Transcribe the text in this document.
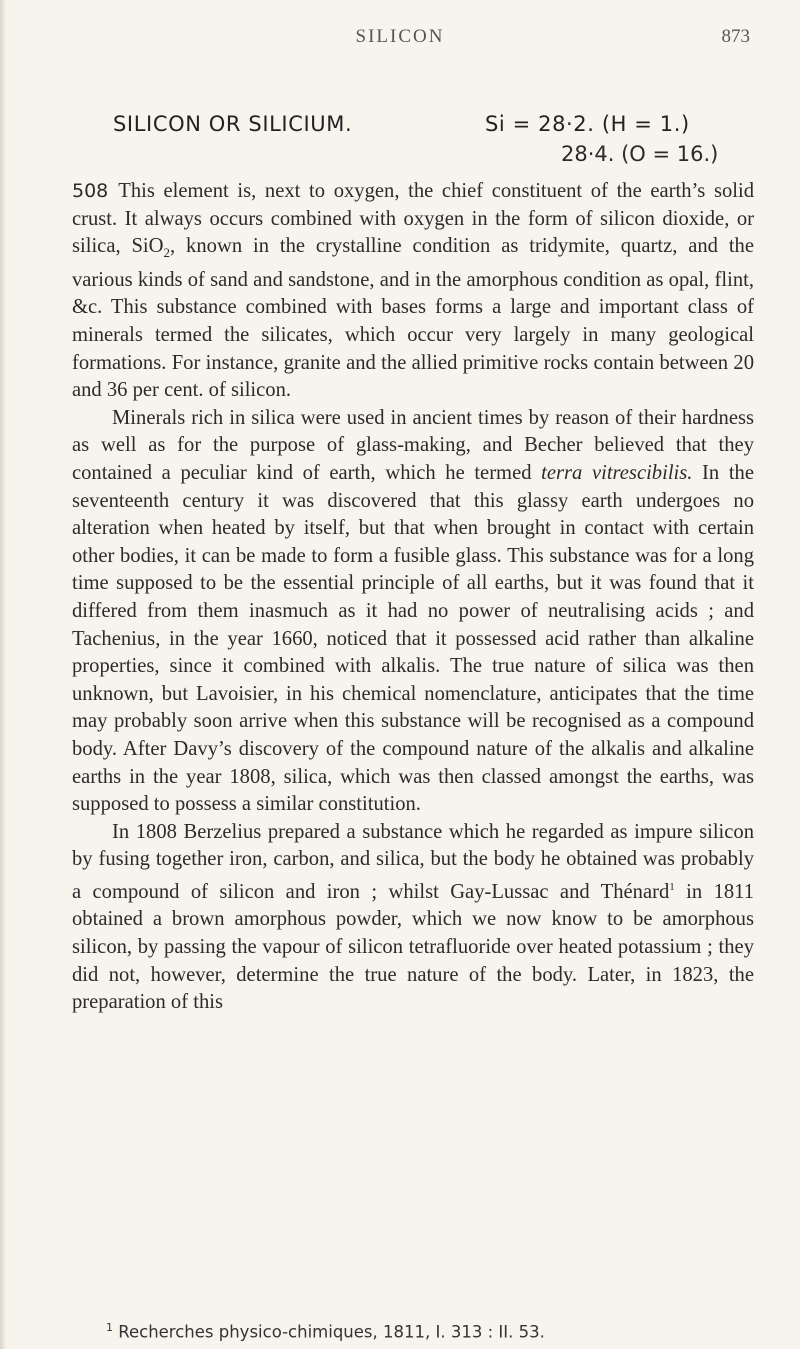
SILICON	873
SILICON OR SILICIUM.	Si = 28·2. (H = 1.)
28·4. (O = 16.)

508 This element is, next to oxygen, the chief constituent of the earth’s solid crust. It always occurs combined with oxygen in the form of silicon dioxide, or silica, SiO$_2$, known in the crystalline condition as tridymite, quartz, and the various kinds of sand and sandstone, and in the amorphous condition as opal, flint, &c. This substance combined with bases forms a large and important class of minerals termed the silicates, which occur very largely in many geological formations. For instance, granite and the allied primitive rocks contain between 20 and 36 per cent. of silicon.

Minerals rich in silica were used in ancient times by reason of their hardness as well as for the purpose of glass-making, and Becher believed that they contained a peculiar kind of earth, which he termed terra vitrescibilis. In the seventeenth century it was discovered that this glassy earth undergoes no alteration when heated by itself, but that when brought in contact with certain other bodies, it can be made to form a fusible glass. This substance was for a long time supposed to be the essential principle of all earths, but it was found that it differed from them inasmuch as it had no power of neutralising acids ; and Tachenius, in the year 1660, noticed that it possessed acid rather than alkaline properties, since it combined with alkalis. The true nature of silica was then unknown, but Lavoisier, in his chemical nomenclature, anticipates that the time may probably soon arrive when this substance will be recognised as a compound body. After Davy’s discovery of the compound nature of the alkalis and alkaline earths in the year 1808, silica, which was then classed amongst the earths, was supposed to possess a similar constitution.

In 1808 Berzelius prepared a substance which he regarded as impure silicon by fusing together iron, carbon, and silica, but the body he obtained was probably a compound of silicon and iron ; whilst Gay-Lussac and Thénard$^1$ in 1811 obtained a brown amorphous powder, which we now know to be amorphous silicon, by passing the vapour of silicon tetrafluoride over heated potassium ; they did not, however, determine the true nature of the body. Later, in 1823, the preparation of this

$^1$ Recherches physico-chimiques, 1811, I. 313 : II. 53.
